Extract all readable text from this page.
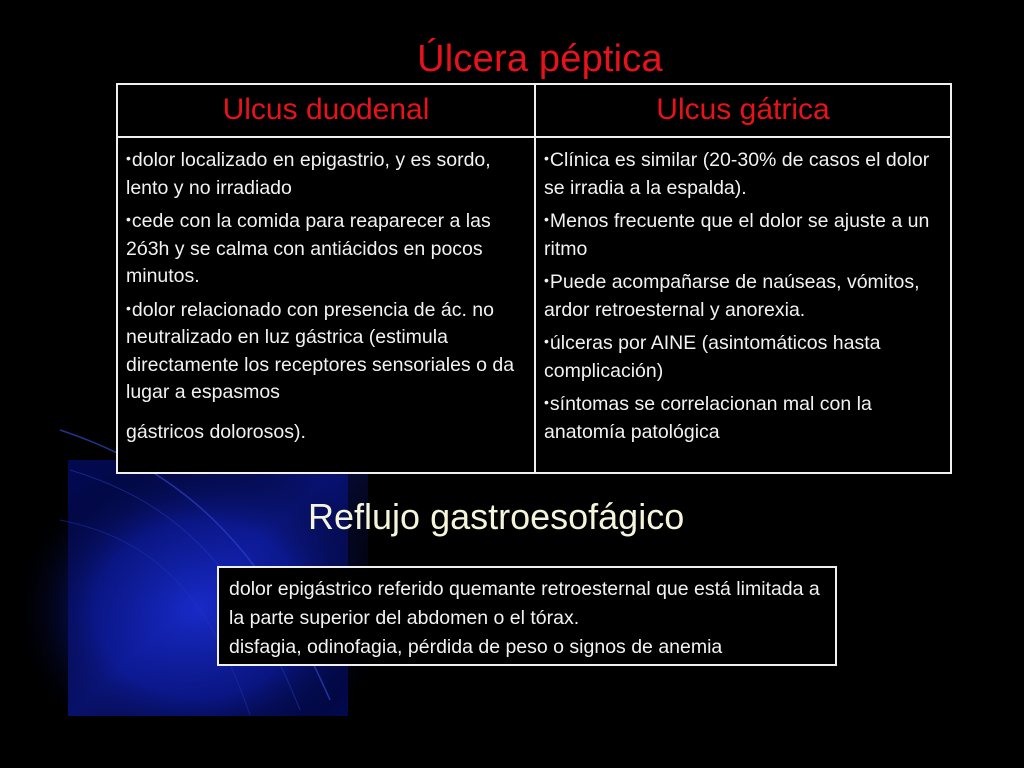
Úlcera péptica
Ulcus duodenal	Ulcus gátrica
•dolor localizado en epigastrio, y es sordo, lento y no irradiado
•cede con la comida para reaparecer a las 2ó3h y se calma con antiácidos en pocos minutos.
•dolor relacionado con presencia de ác. no neutralizado en luz gástrica (estimula directamente los receptores sensoriales o da lugar a espasmos
gástricos dolorosos).
•Clínica es similar (20-30% de casos el dolor se irradia a la espalda).
•Menos frecuente que el dolor se ajuste a un ritmo
•Puede acompañarse de naúseas, vómitos, ardor retroesternal y anorexia.
•úlceras por AINE (asintomáticos hasta complicación)
•síntomas se correlacionan mal con la anatomía patológica
Reflujo gastroesofágico

dolor epigástrico referido quemante retroesternal que está limitada a la parte superior del abdomen o el tórax.

disfagia, odinofagia, pérdida de peso o signos de anemia
